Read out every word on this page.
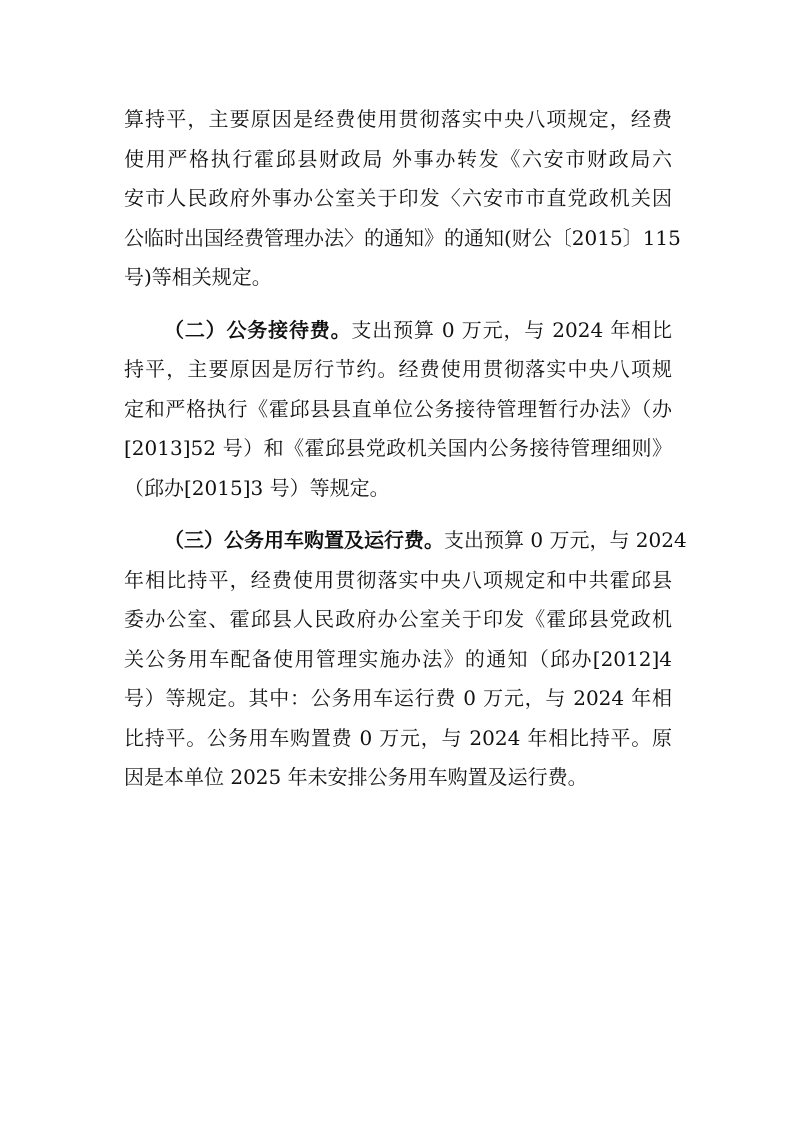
算持平，主要原因是经费使用贯彻落实中央八项规定，经费
使用严格执行霍邱县财政局 外事办转发《六安市财政局六
安市人民政府外事办公室关于印发〈六安市市直党政机关因
公临时出国经费管理办法〉的通知》的通知(财公〔2015〕115
号)等相关规定。
（二）公务接待费。支出预算 0 万元，与 2024 年相比
持平，主要原因是厉行节约。经费使用贯彻落实中央八项规
定和严格执行《霍邱县县直单位公务接待管理暂行办法》（办
[2013]52 号）和《霍邱县党政机关国内公务接待管理细则》
（邱办[2015]3 号）等规定。
（三）公务用车购置及运行费。支出预算 0 万元，与 2024
年相比持平，经费使用贯彻落实中央八项规定和中共霍邱县
委办公室、霍邱县人民政府办公室关于印发《霍邱县党政机
关公务用车配备使用管理实施办法》的通知（邱办[2012]4
号）等规定。其中：公务用车运行费 0 万元，与 2024 年相
比持平。公务用车购置费 0 万元，与 2024 年相比持平。原
因是本单位 2025 年未安排公务用车购置及运行费。
